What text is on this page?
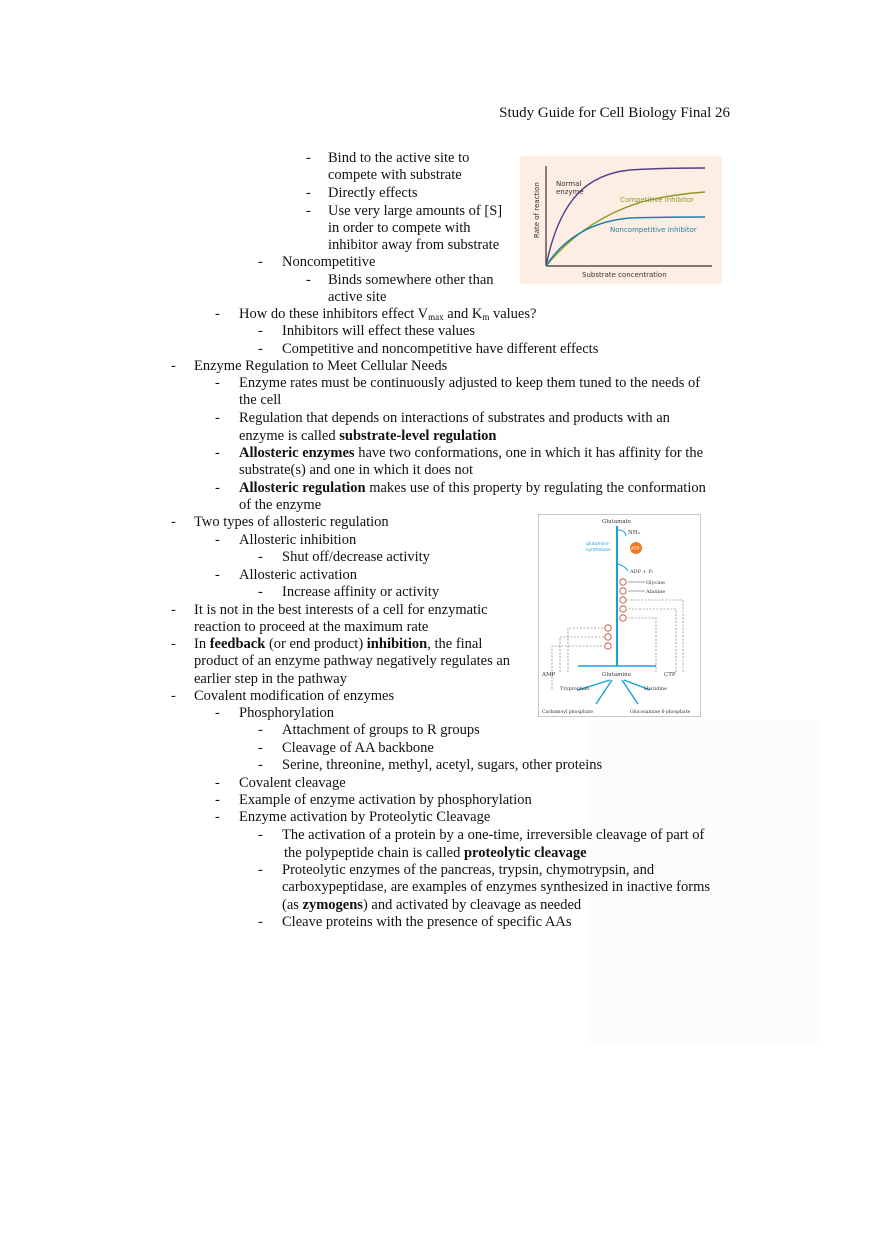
Study Guide for Cell Biology Final 26
- Bind to the active site to
compete with substrate
- Directly effects
- Use very large amounts of [S]
in order to compete with
inhibitor away from substrate
- Noncompetitive
- Binds somewhere other than
active site
- How do these inhibitors effect $V_{max}$ and $K_m$ values?
- Inhibitors will effect these values
- Competitive and noncompetitive have different effects
- Enzyme Regulation to Meet Cellular Needs
- Enzyme rates must be continuously adjusted to keep them tuned to the needs of
the cell
- Regulation that depends on interactions of substrates and products with an
enzyme is called substrate-level regulation
- Allosteric enzymes have two conformations, one in which it has affinity for the
substrate(s) and one in which it does not
- Allosteric regulation makes use of this property by regulating the conformation
of the enzyme
- Two types of allosteric regulation
- Allosteric inhibition
- Shut off/decrease activity
- Allosteric activation
- Increase affinity or activity
- It is not in the best interests of a cell for enzymatic
reaction to proceed at the maximum rate
- In feedback (or end product) inhibition, the final
product of an enzyme pathway negatively regulates an
earlier step in the pathway
- Covalent modification of enzymes
- Phosphorylation
- Attachment of groups to R groups
- Cleavage of AA backbone
- Serine, threonine, methyl, acetyl, sugars, other proteins
- Covalent cleavage
- Example of enzyme activation by phosphorylation
- Enzyme activation by Proteolytic Cleavage
- The activation of a protein by a one-time, irreversible cleavage of part of
the polypeptide chain is called proteolytic cleavage
- Proteolytic enzymes of the pancreas, trypsin, chymotrypsin, and
carboxypeptidase, are examples of enzymes synthesized in inactive forms
(as zymogens) and activated by cleavage as needed
- Cleave proteins with the presence of specific AAs
Normal
enzyme
Competitive inhibitor
Noncompetitive inhibitor
Substrate concentration
Rate of reaction
Glutamate
NH₃
glutamine
synthetase	ATP
ADP + Pᵢ
Glycine
Alanine
AMP	Glutamine	CTP
Tryptophan	Histidine
Carbamoyl phosphate	Glucosamine 6-phosphate
